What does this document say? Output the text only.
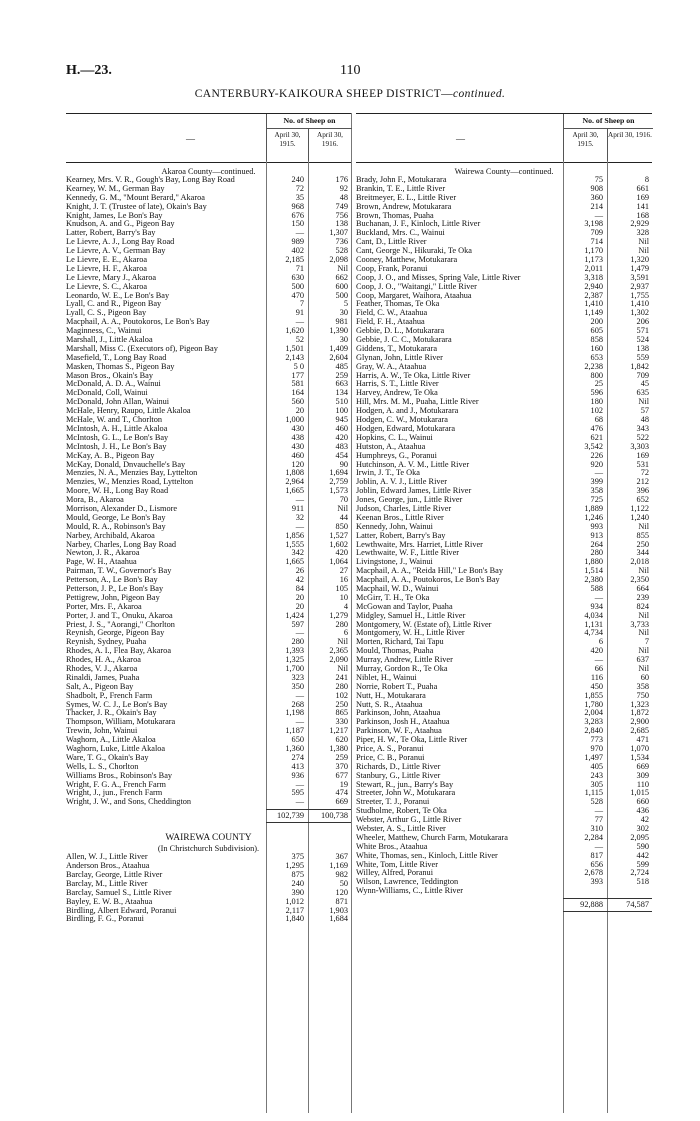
H.—23.	110
CANTERBURY-KAIKOURA SHEEP DISTRICT—continued.
—
No. of Sheep on
April 30, 1915.
April 30, 1916.
Akaroa County—continued.
Kearney, Mrs. V. R., Gough's Bay, Long Bay Road	240	176
Kearney, W. M., German Bay	72	92
Kennedy, G. M., "Mount Berard," Akaroa	35	48
Knight, J. T. (Trustee of late), Okain's Bay	968	749
Knight, James, Le Bon's Bay	676	756
Knudson, A. and G., Pigeon Bay	150	138
Latter, Robert, Barry's Bay	—	1,307
Le Lievre, A. J., Long Bay Road	989	736
Le Lievre, A. V., German Bay	402	528
Le Lievre, E. E., Akaroa	2,185	2,098
Le Lievre, H. F., Akaroa	71	Nil
Le Lievre, Mary J., Akaroa	630	662
Le Lievre, S. C., Akaroa	500	600
Leonardo, W. E., Le Bon's Bay	470	500
Lyall, C. and R., Pigeon Bay	7	5
Lyall, C. S., Pigeon Bay	91	30
Macphail, A. A., Poutokoros, Le Bon's Bay	—	981
Maginness, C., Wainui	1,620	1,390
Marshall, J., Little Akaloa	52	30
Marshall, Miss C. (Executors of), Pigeon Bay	1,501	1,409
Masefield, T., Long Bay Road	2,143	2,604
Masken, Thomas S., Pigeon Bay	5 0	485
Mason Bros., Okain's Bay	177	259
McDonald, A. D. A., Wainui	581	663
McDonald, Coll, Wainui	164	134
McDonald, John Allan, Wainui	560	510
McHale, Henry, Raupo, Little Akaloa	20	100
McHale, W. and T., Chorlton	1,000	945
McIntosh, A. H., Little Akaloa	430	460
McIntosh, G. L., Le Bon's Bay	438	420
McIntosh, J. H., Le Bon's Bay	430	483
McKay, A. B., Pigeon Bay	460	454
McKay, Donald, Dnvauchelle's Bay	120	90
Menzies, N. A., Menzies Bay, Lyttelton	1,808	1,694
Menzies, W., Menzies Road, Lyttelton	2,964	2,759
Moore, W. H., Long Bay Road	1,665	1,573
Mora, B., Akaroa	—	70
Morrison, Alexander D., Lismore	911	Nil
Mould, George, Le Bon's Bay	32	44
Mould, R. A., Robinson's Bay	—	850
Narbey, Archibald, Akaroa	1,856	1,527
Narbey, Charles, Long Bay Road	1,555	1,602
Newton, J. R., Akaroa	342	420
Page, W. H., Ataahua	1,665	1,064
Pairman, T. W., Governor's Bay	26	27
Petterson, A., Le Bon's Bay	42	16
Petterson, J. P., Le Bon's Bay	84	105
Pettigrew, John, Pigeon Bay	20	10
Porter, Mrs. F., Akaroa	20	4
Porter, J. and T., Onuku, Akaroa	1,424	1,279
Priest, J. S., "Aorangi," Chorlton	597	280
Reynish, George, Pigeon Bay	—	6
Reynish, Sydney, Puaha	280	Nil
Rhodes, A. I., Flea Bay, Akaroa	1,393	2,365
Rhodes, H. A., Akaroa	1,325	2,090
Rhodes, V. J., Akaroa	1,700	Nil
Rinaldi, James, Puaha	323	241
Salt, A., Pigeon Bay	350	280
Shadbolt, P., French Farm	—	102
Symes, W. C. J., Le Bon's Bay	268	250
Thacker, J. R., Okain's Bay	1,198	865
Thompson, William, Motukarara	—	330
Trewin, John, Wainui	1,187	1,217
Waghorn, A., Little Akaloa	650	620
Waghorn, Luke, Little Akaloa	1,360	1,380
Ware, T. G., Okain's Bay	274	259
Wells, L. S., Chorlton	413	370
Williams Bros., Robinson's Bay	936	677
Wright, F. G. A., French Farm	—	19
Wright, J., jun., French Farm	595	474
Wright, J. W., and Sons, Cheddington	—	669
102,739	100,738
WAIREWA COUNTY
(In Christchurch Subdivision).
Allen, W. J., Little River	375	367
Anderson Bros., Ataahua	1,295	1,169
Barclay, George, Little River	875	982
Barclay, M., Little River	240	50
Barclay, Samuel S., Little River	390	120
Bayley, E. W. B., Ataahua	1,012	871
Birdling, Albert Edward, Poranui	2,117	1,903
Birdling, F. G., Poranui	1,840	1,684
—
No. of Sheep on
April 30, 1915.
April 30, 1916.
Wairewa County—continued.
Brady, John F., Motukarara	75	8
Brankin, T. E., Little River	908	661
Breitmeyer, E. L., Little River	360	169
Brown, Andrew, Motukarara	214	141
Brown, Thomas, Puaha	—	168
Buchanan, J. F., Kinloch, Little River	3,198	2,929
Buckland, Mrs. C., Wainui	709	328
Cant, D., Little River	714	Nil
Cant, George N., Hikuraki, Te Oka	1,170	Nil
Cooney, Matthew, Motukarara	1,173	1,320
Coop, Frank, Poranui	2,011	1,479
Coop, J. O., and Misses, Spring Vale, Little River	3,318	3,591
Coop, J. O., "Waitangi," Little River	2,940	2,937
Coop, Margaret, Waihora, Ataahua	2,387	1,755
Feather, Thomas, Te Oka	1,410	1,410
Field, C. W., Ataahua	1,149	1,302
Field, F. H., Ataahua	200	206
Gebbie, D. L., Motukarara	605	571
Gebbie, J. C. C., Motukarara	858	524
Giddens, T., Motukarara	160	138
Glynan, John, Little River	653	559
Gray, W. A., Ataahua	2,238	1,842
Harris, A. W., Te Oka, Little River	800	709
Harris, S. T., Little River	25	45
Harvey, Andrew, Te Oka	596	635
Hill, Mrs. M. M., Puaha, Little River	180	Nil
Hodgen, A. and J., Motukarara	102	57
Hodgen, C. W., Motukarara	68	48
Hodgen, Edward, Motukarara	476	343
Hopkins, C. L., Wainui	621	522
Hutston, A., Ataahua	3,542	3,303
Humphreys, G., Poranui	226	169
Hutchinson, A. V. M., Little River	920	531
Irwin, J. T., Te Oka	—	72
Joblin, A. V. J., Little River	399	212
Joblin, Edward James, Little River	358	396
Jones, George, jun., Little River	725	652
Judson, Charles, Little River	1,889	1,122
Keenan Bros., Little River	1,246	1,240
Kennedy, John, Wainui	993	Nil
Latter, Robert, Barry's Bay	913	855
Lewthwaite, Mrs. Harriet, Little River	264	250
Lewthwaite, W. F., Little River	280	344
Livingstone, J., Wainui	1,880	2,018
Macphail, A. A., "Reida Hill," Le Bon's Bay	1,514	Nil
Macphail, A. A., Poutokoros, Le Bon's Bay	2,380	2,350
Macphail, W. D., Wainui	588	664
McGirr, T. H., Te Oka	—	239
McGowan and Taylor, Puaha	934	824
Midgley, Samuel H., Little River	4,034	Nil
Montgomery, W. (Estate of), Little River	1,131	3,733
Montgomery, W. H., Little River	4,734	Nil
Morten, Richard, Tai Tapu	6	7
Mould, Thomas, Puaha	420	Nil
Murray, Andrew, Little River	—	637
Murray, Gordon R., Te Oka	66	Nil
Niblet, H., Wainui	116	60
Norrie, Robert T., Puaha	450	358
Nutt, H., Motukarara	1,855	750
Nutt, S. R., Ataahua	1,780	1,323
Parkinson, John, Ataahua	2,004	1,872
Parkinson, Josh H., Ataahua	3,283	2,900
Parkinson, W. F., Ataahua	2,840	2,685
Piper, H. W., Te Oka, Little River	773	471
Price, A. S., Poranui	970	1,070
Price, C. B., Poranui	1,497	1,534
Richards, D., Little River	405	669
Stanbury, G., Little River	243	309
Stewart, R., jun., Barry's Bay	305	110
Streeter, John W., Motukarara	1,115	1,015
Streeter, T. J., Poranui	528	660
Studholme, Robert, Te Oka	—	436
Webster, Arthur G., Little River	77	42
Webster, A. S., Little River	310	302
Wheeler, Matthew, Church Farm, Motukarara	2,284	2,095
White Bros., Ataahua	—	590
White, Thomas, sen., Kinloch, Little River	817	442
White, Tom, Little River	656	599
Willey, Alfred, Poranui	2,678	2,724
Wilson, Lawrence, Teddington	393	518
Wynn-Williams, C., Little River
92,888	74,587
